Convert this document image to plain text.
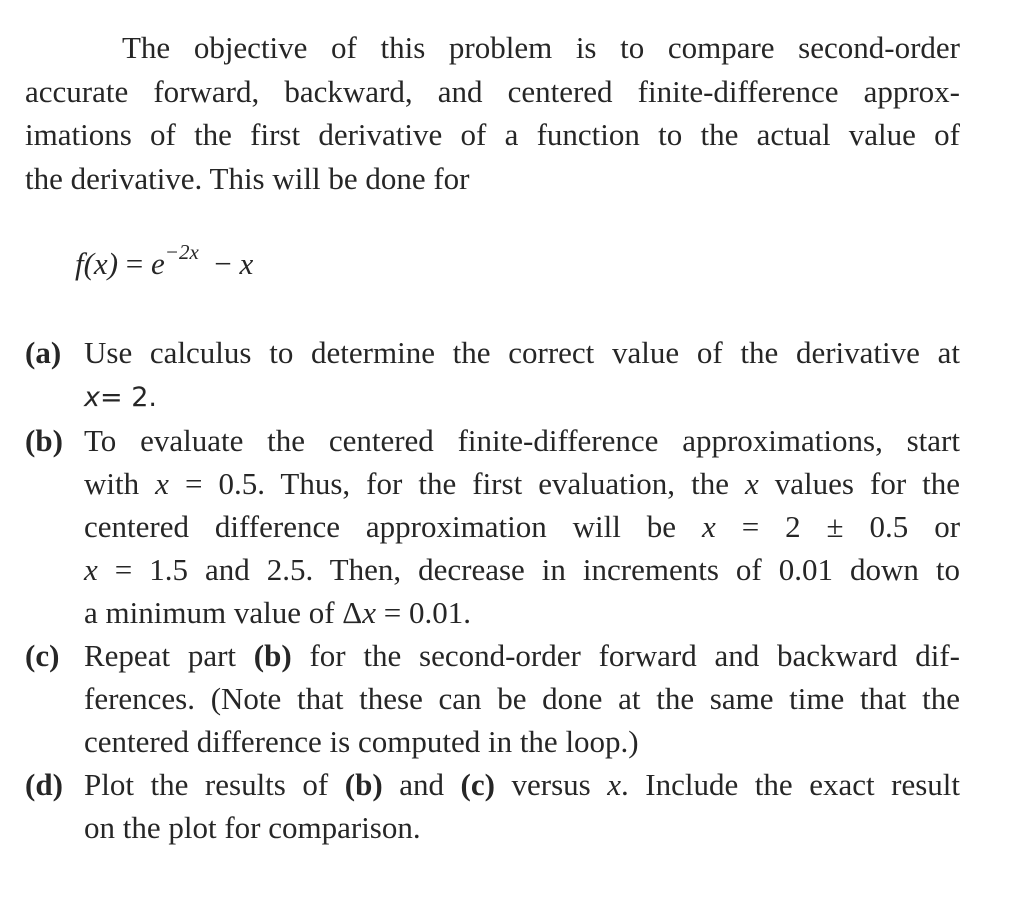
The objective of this problem is to compare second-order
accurate forward, backward, and centered finite-difference approx-
imations of the first derivative of a function to the actual value of
the derivative. This will be done for
$f(x) = e^{-2x} - x$
(a) Use calculus to determine the correct value of the derivative at
x= 2.
(b) To evaluate the centered finite-difference approximations, start
with x = 0.5. Thus, for the first evaluation, the x values for the
centered difference approximation will be x = 2 ± 0.5 or
x = 1.5 and 2.5. Then, decrease in increments of 0.01 down to
a minimum value of Δx = 0.01.
(c) Repeat part (b) for the second-order forward and backward dif-
ferences. (Note that these can be done at the same time that the
centered difference is computed in the loop.)
(d) Plot the results of (b) and (c) versus x. Include the exact result
on the plot for comparison.
